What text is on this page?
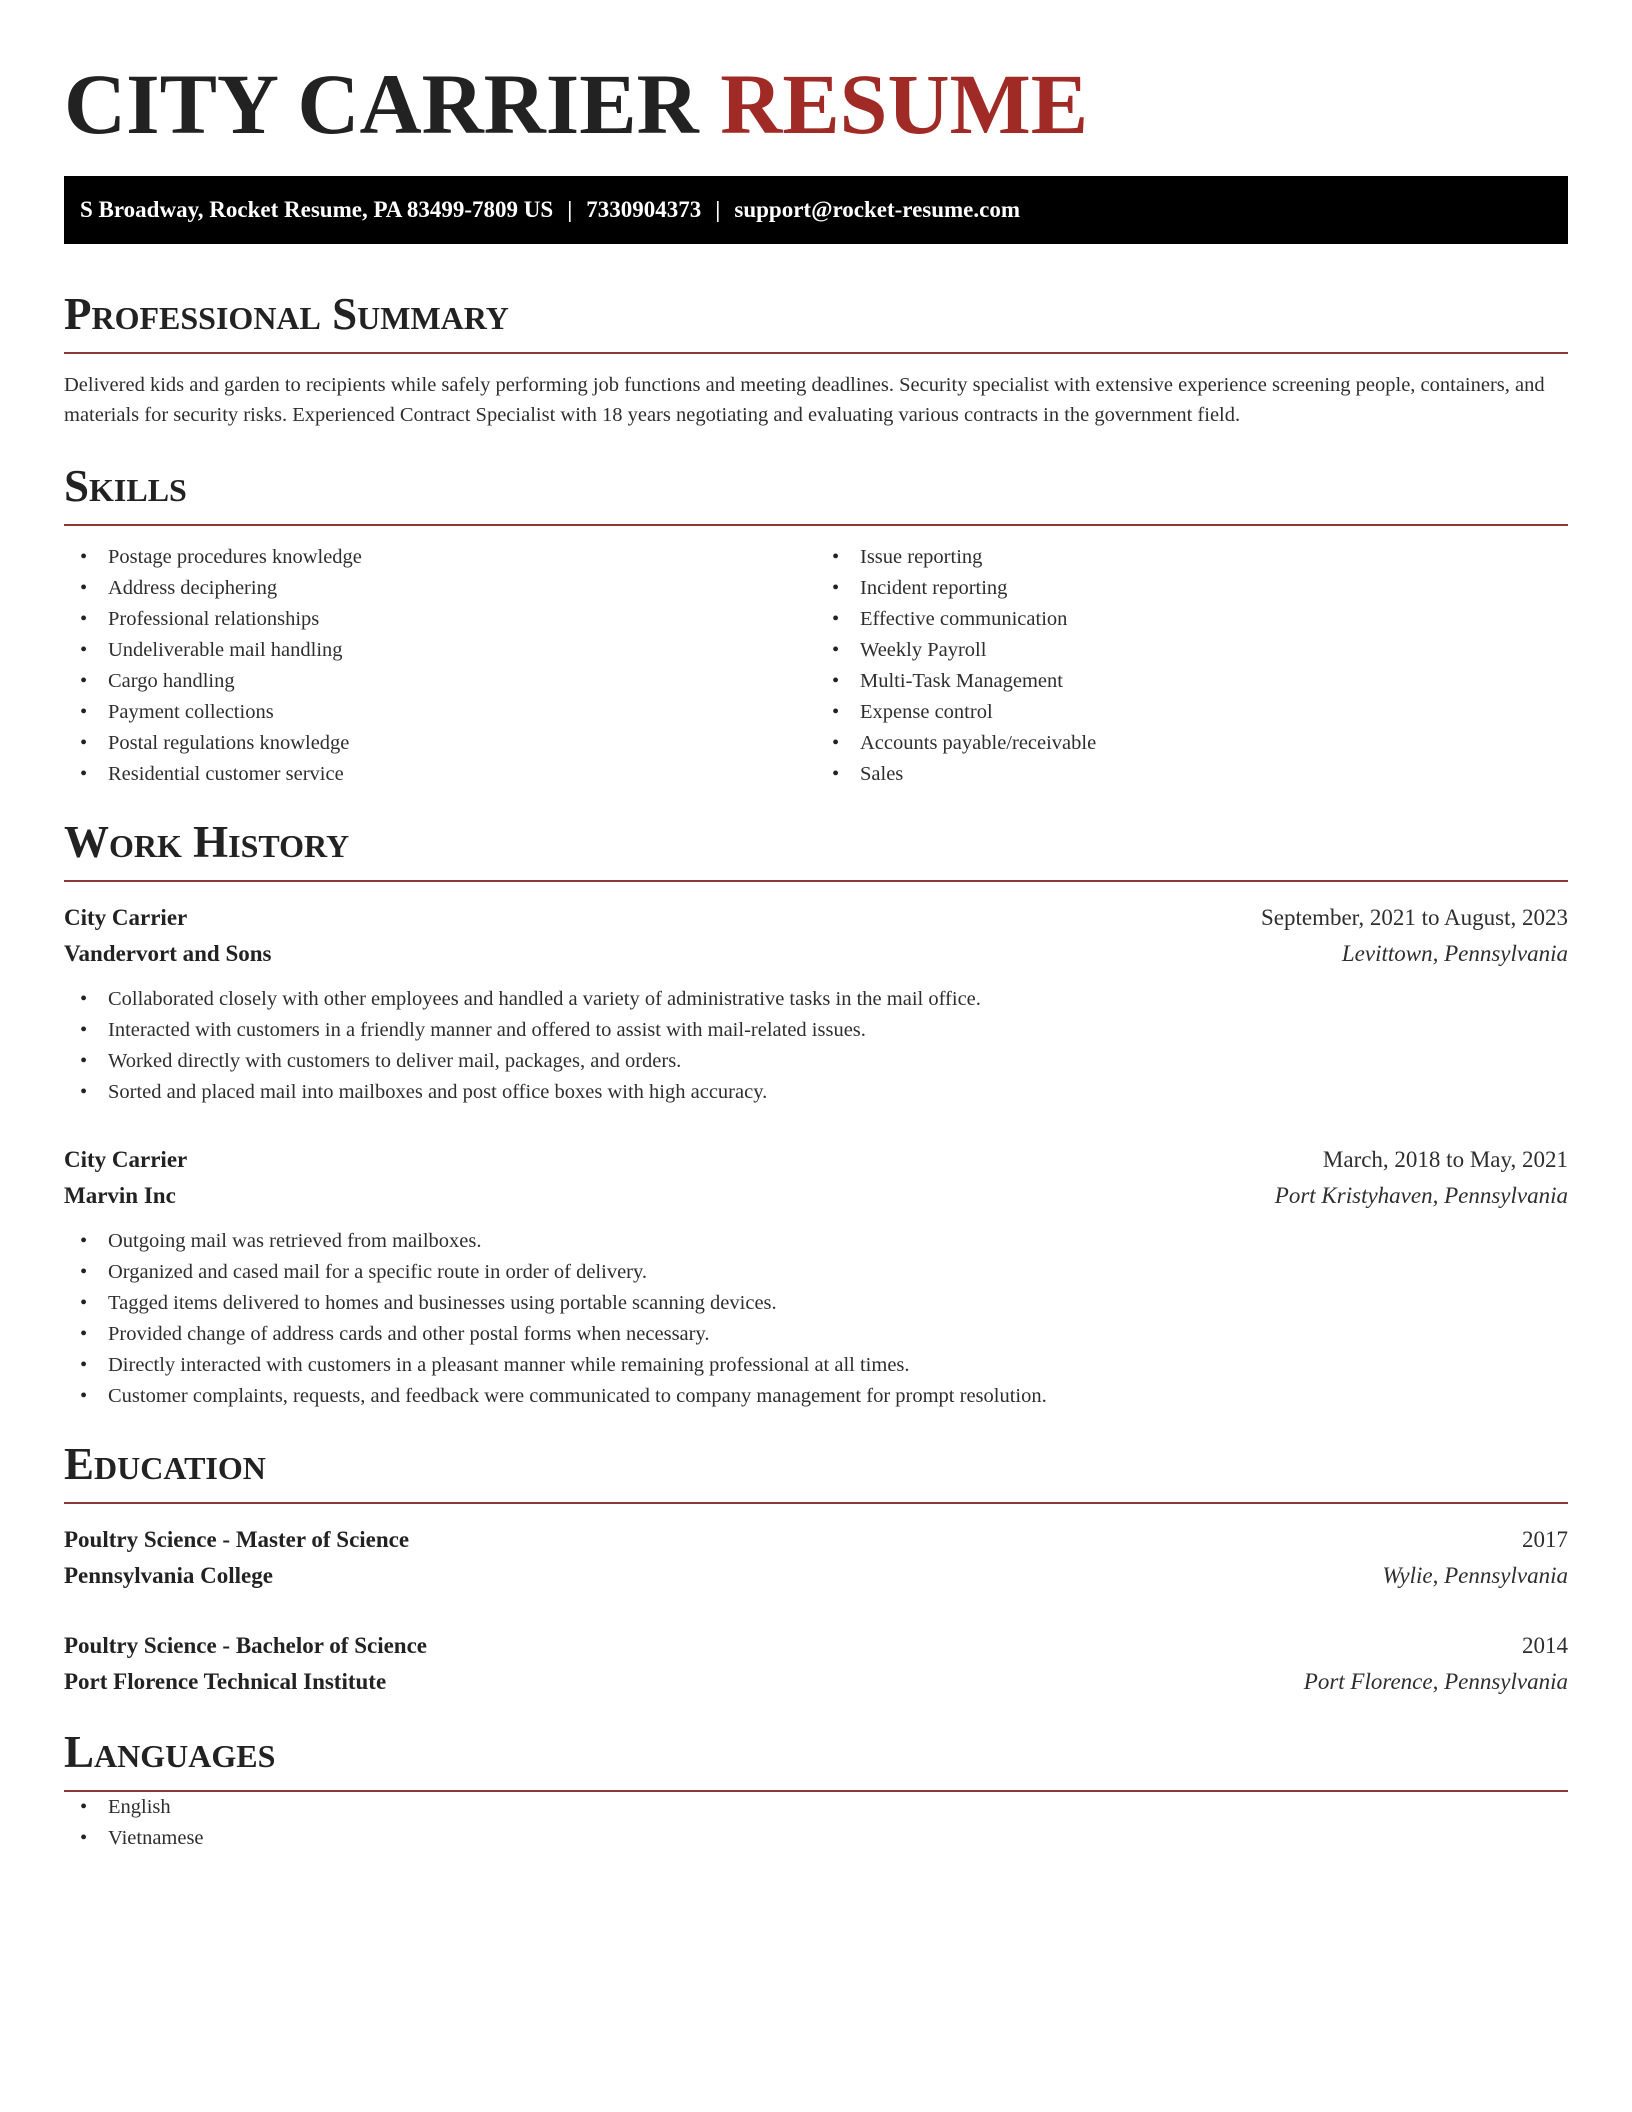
CITY CARRIER RESUME
S Broadway, Rocket Resume, PA 83499-7809 US | 7330904373 | support@rocket-resume.com
Professional Summary

Delivered kids and garden to recipients while safely performing job functions and meeting deadlines. Security specialist with extensive experience screening people, containers, and materials for security risks. Experienced Contract Specialist with 18 years negotiating and evaluating various contracts in the government field.

Skills
• Postage procedures knowledge
• Address deciphering
• Professional relationships
• Undeliverable mail handling
• Cargo handling
• Payment collections
• Postal regulations knowledge
• Residential customer service
• Issue reporting
• Incident reporting
• Effective communication
• Weekly Payroll
• Multi-Task Management
• Expense control
• Accounts payable/receivable
• Sales
Work History
City Carrier	September, 2021 to August, 2023
Vandervort and Sons	Levittown, Pennsylvania
• Collaborated closely with other employees and handled a variety of administrative tasks in the mail office.
• Interacted with customers in a friendly manner and offered to assist with mail-related issues.
• Worked directly with customers to deliver mail, packages, and orders.
• Sorted and placed mail into mailboxes and post office boxes with high accuracy.
City Carrier	March, 2018 to May, 2021
Marvin Inc	Port Kristyhaven, Pennsylvania
• Outgoing mail was retrieved from mailboxes.
• Organized and cased mail for a specific route in order of delivery.
• Tagged items delivered to homes and businesses using portable scanning devices.
• Provided change of address cards and other postal forms when necessary.
• Directly interacted with customers in a pleasant manner while remaining professional at all times.
• Customer complaints, requests, and feedback were communicated to company management for prompt resolution.
Education
Poultry Science - Master of Science	2017
Pennsylvania College	Wylie, Pennsylvania
Poultry Science - Bachelor of Science	2014
Port Florence Technical Institute	Port Florence, Pennsylvania
Languages
• English
• Vietnamese
